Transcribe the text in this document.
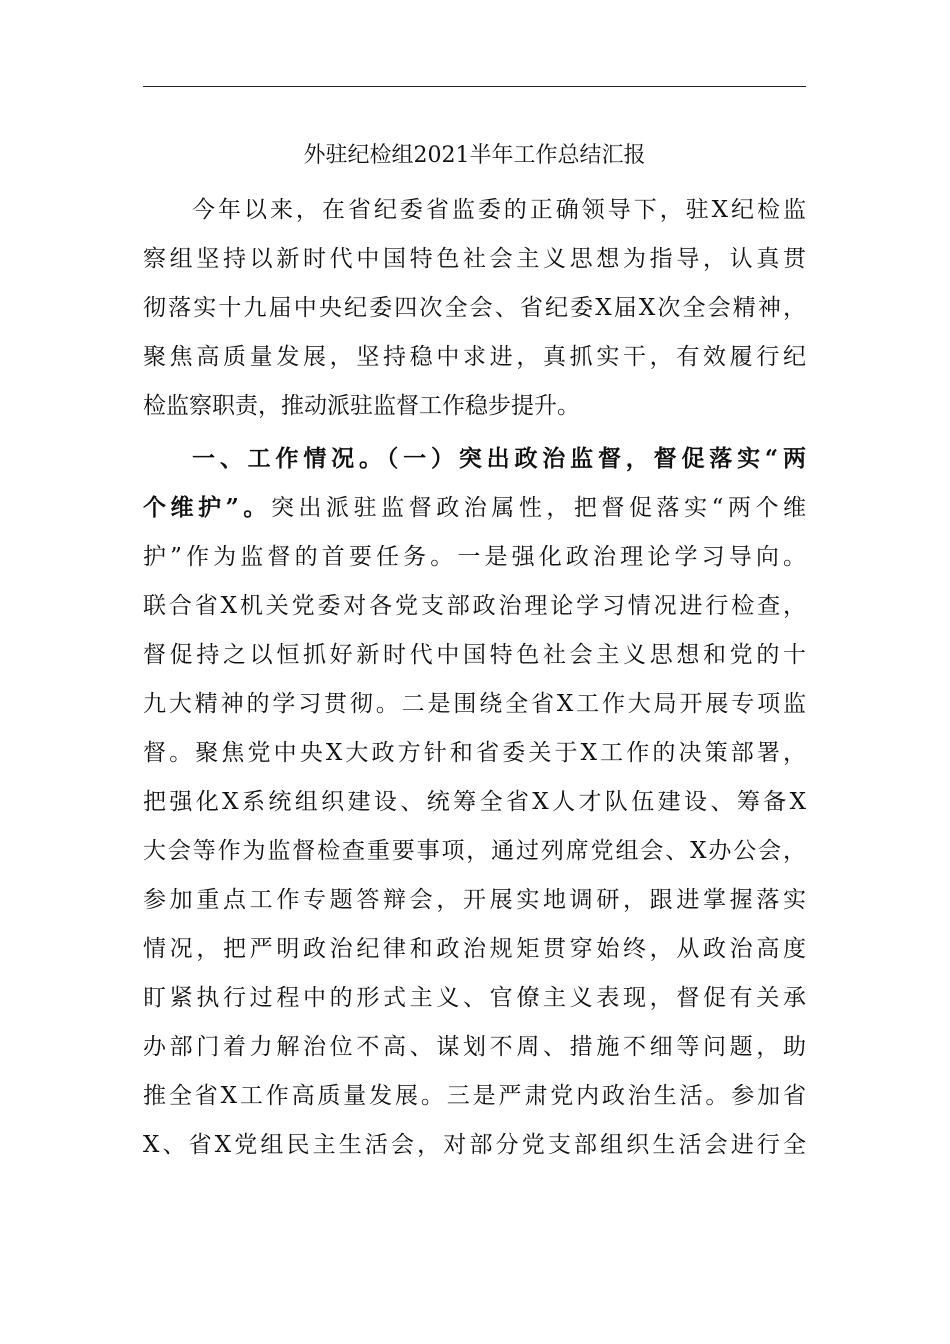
外驻纪检组2021半年工作总结汇报
今年以来，在省纪委省监委的正确领导下，驻X纪检监
察组坚持以新时代中国特色社会主义思想为指导，认真贯
彻落实十九届中央纪委四次全会、省纪委X届X次全会精神，
聚焦高质量发展，坚持稳中求进，真抓实干，有效履行纪
检监察职责，推动派驻监督工作稳步提升。
一、工作情况。（一）突出政治监督，督促落实“两
个维护”。突出派驻监督政治属性，把督促落实“两个维
护”作为监督的首要任务。一是强化政治理论学习导向。
联合省X机关党委对各党支部政治理论学习情况进行检查，
督促持之以恒抓好新时代中国特色社会主义思想和党的十
九大精神的学习贯彻。二是围绕全省X工作大局开展专项监
督。聚焦党中央X大政方针和省委关于X工作的决策部署，
把强化X系统组织建设、统筹全省X人才队伍建设、筹备X
大会等作为监督检查重要事项，通过列席党组会、X办公会，
参加重点工作专题答辩会，开展实地调研，跟进掌握落实
情况，把严明政治纪律和政治规矩贯穿始终，从政治高度
盯紧执行过程中的形式主义、官僚主义表现，督促有关承
办部门着力解治位不高、谋划不周、措施不细等问题，助
推全省X工作高质量发展。三是严肃党内政治生活。参加省
X、省X党组民主生活会，对部分党支部组织生活会进行全
